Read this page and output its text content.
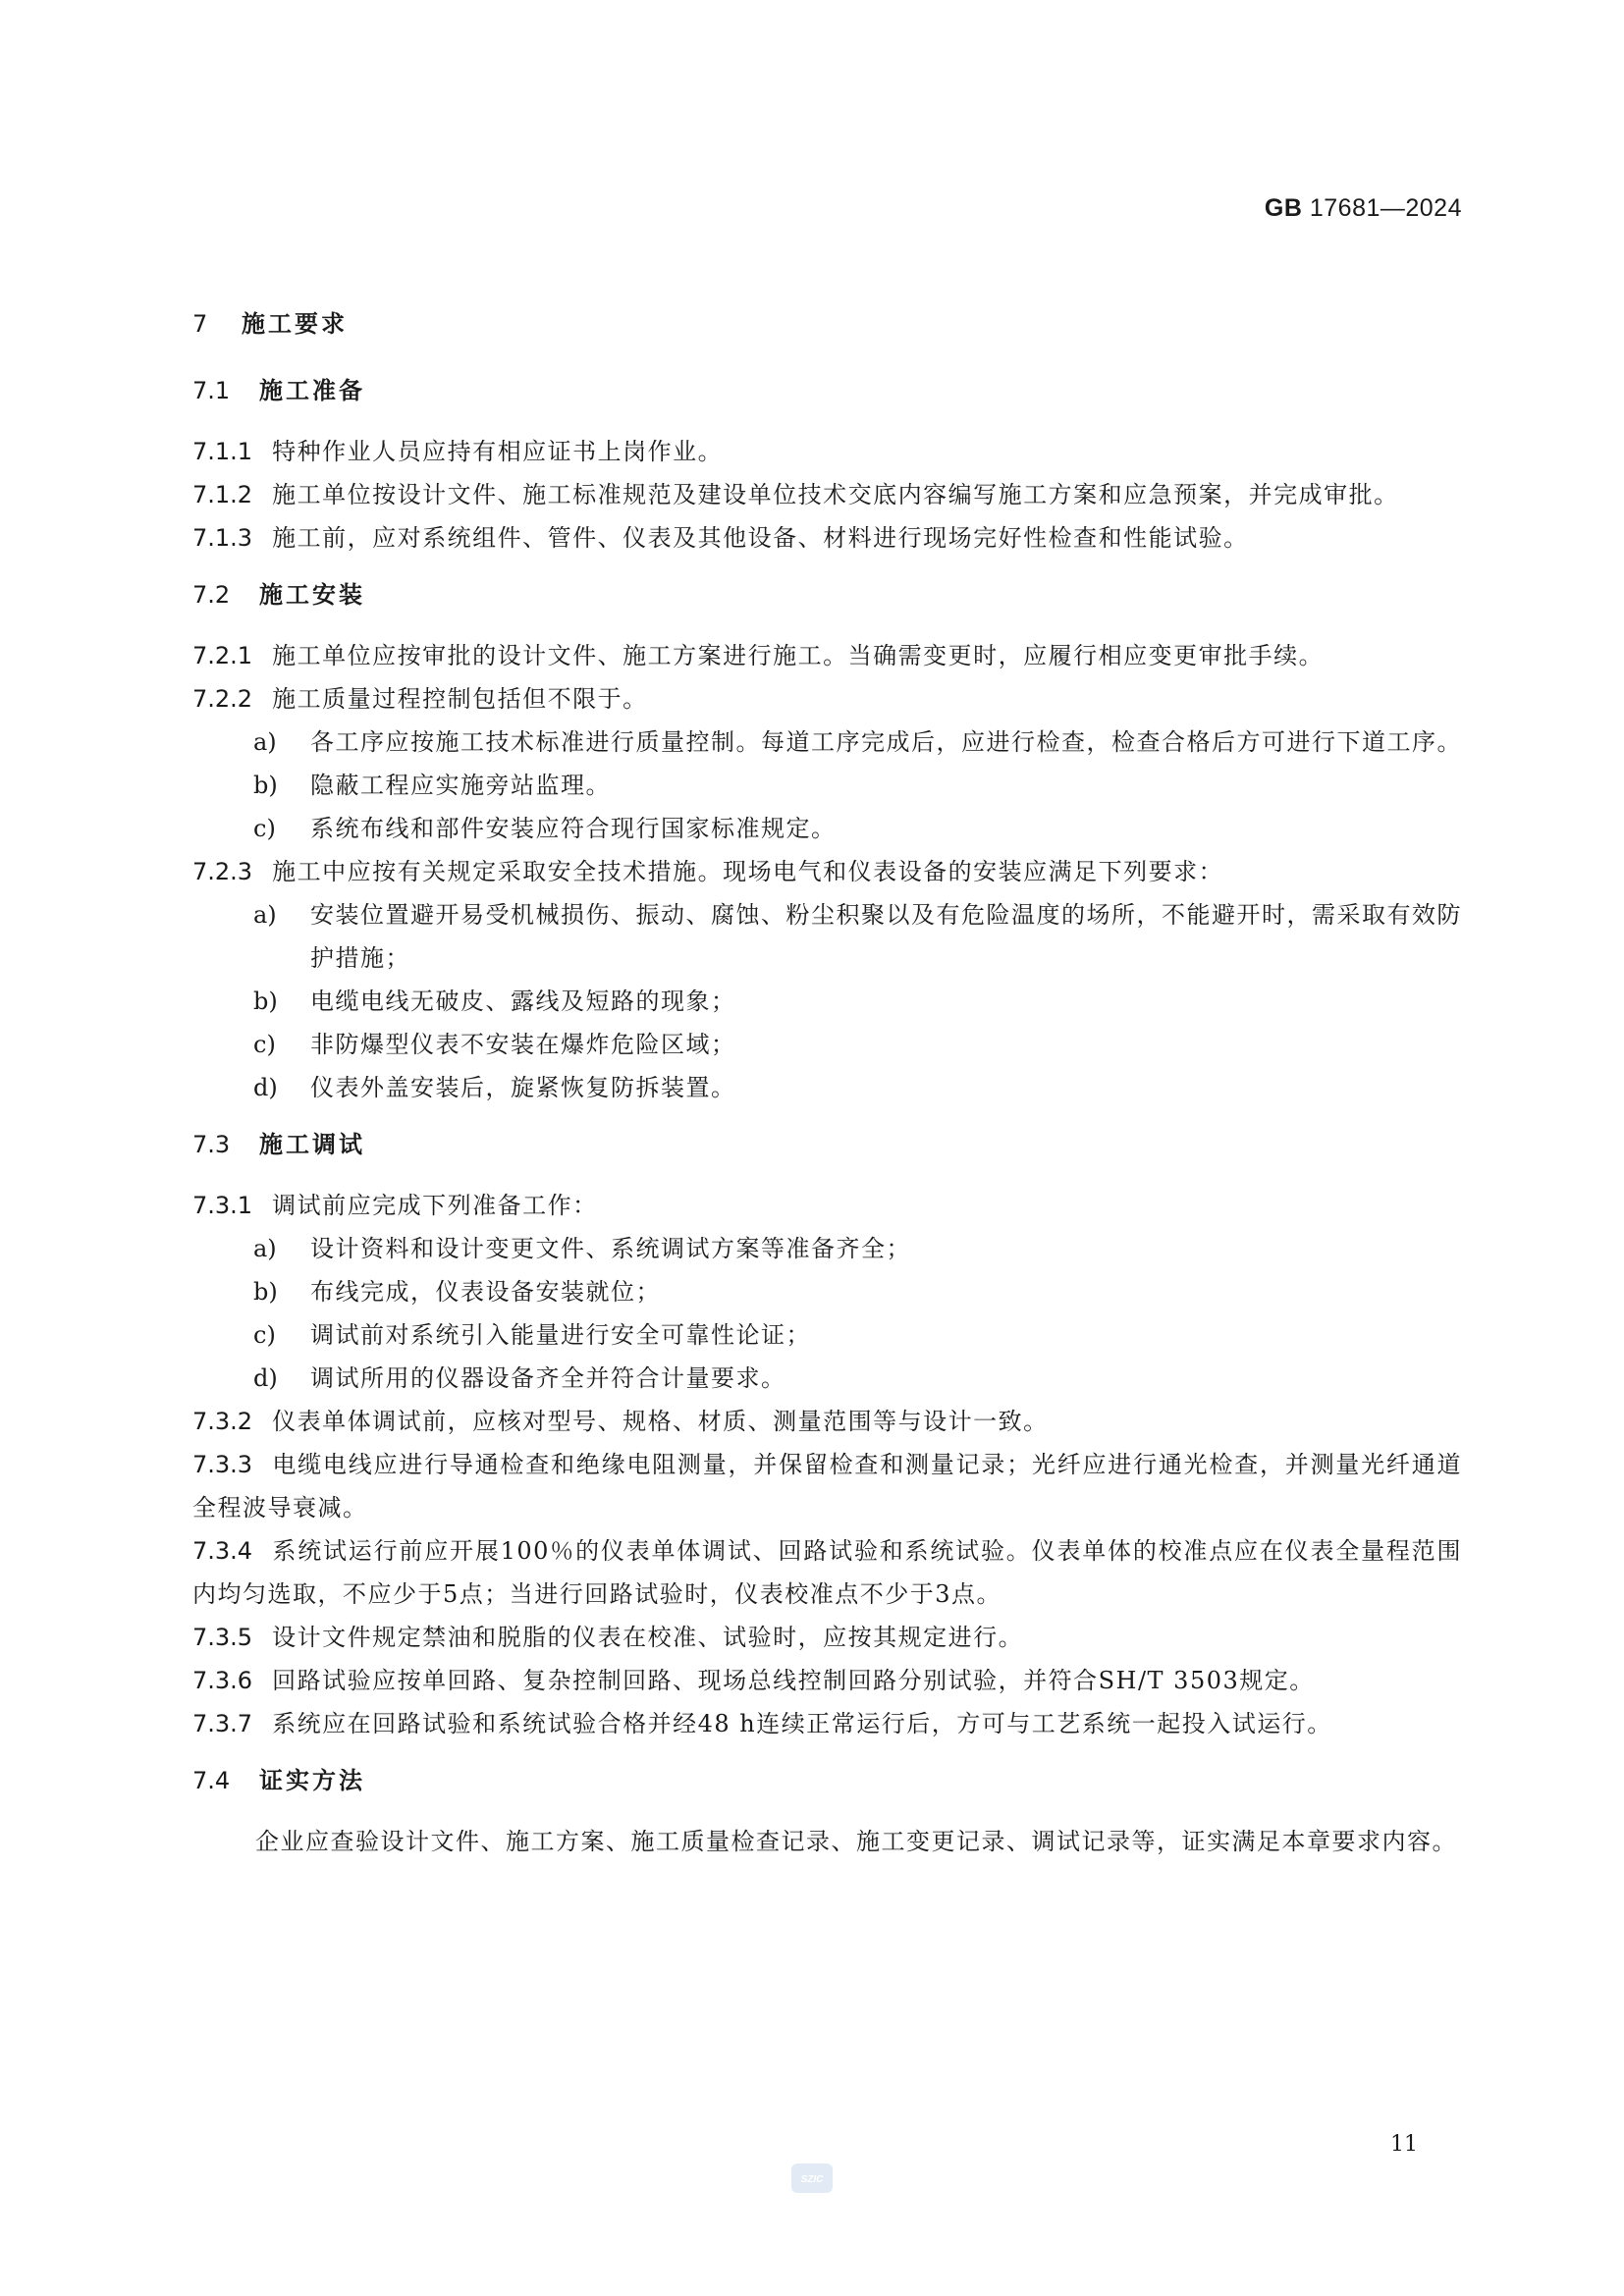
GB 17681—2024
7 施工要求
7.1 施工准备
7.1.1 特种作业人员应持有相应证书上岗作业。
7.1.2 施工单位按设计文件、施工标准规范及建设单位技术交底内容编写施工方案和应急预案，并完成审批。
7.1.3 施工前，应对系统组件、管件、仪表及其他设备、材料进行现场完好性检查和性能试验。
7.2 施工安装
7.2.1 施工单位应按审批的设计文件、施工方案进行施工。当确需变更时，应履行相应变更审批手续。
7.2.2 施工质量过程控制包括但不限于。
a) 各工序应按施工技术标准进行质量控制。每道工序完成后，应进行检查，检查合格后方可进行下道工序。
b) 隐蔽工程应实施旁站监理。
c) 系统布线和部件安装应符合现行国家标准规定。
7.2.3 施工中应按有关规定采取安全技术措施。现场电气和仪表设备的安装应满足下列要求：
a) 安装位置避开易受机械损伤、振动、腐蚀、粉尘积聚以及有危险温度的场所，不能避开时，需采取有效防护措施；
b) 电缆电线无破皮、露线及短路的现象；
c) 非防爆型仪表不安装在爆炸危险区域；
d) 仪表外盖安装后，旋紧恢复防拆装置。
7.3 施工调试
7.3.1 调试前应完成下列准备工作：
a) 设计资料和设计变更文件、系统调试方案等准备齐全；
b) 布线完成，仪表设备安装就位；
c) 调试前对系统引入能量进行安全可靠性论证；
d) 调试所用的仪器设备齐全并符合计量要求。
7.3.2 仪表单体调试前，应核对型号、规格、材质、测量范围等与设计一致。
7.3.3 电缆电线应进行导通检查和绝缘电阻测量，并保留检查和测量记录；光纤应进行通光检查，并测量光纤通道全程波导衰减。
7.3.4 系统试运行前应开展100％的仪表单体调试、回路试验和系统试验。仪表单体的校准点应在仪表全量程范围内均匀选取，不应少于5点；当进行回路试验时，仪表校准点不少于3点。
7.3.5 设计文件规定禁油和脱脂的仪表在校准、试验时，应按其规定进行。
7.3.6 回路试验应按单回路、复杂控制回路、现场总线控制回路分别试验，并符合SH/T 3503规定。
7.3.7 系统应在回路试验和系统试验合格并经48 h连续正常运行后，方可与工艺系统一起投入试运行。
7.4 证实方法
企业应查验设计文件、施工方案、施工质量检查记录、施工变更记录、调试记录等，证实满足本章要求内容。
11
SZIC
